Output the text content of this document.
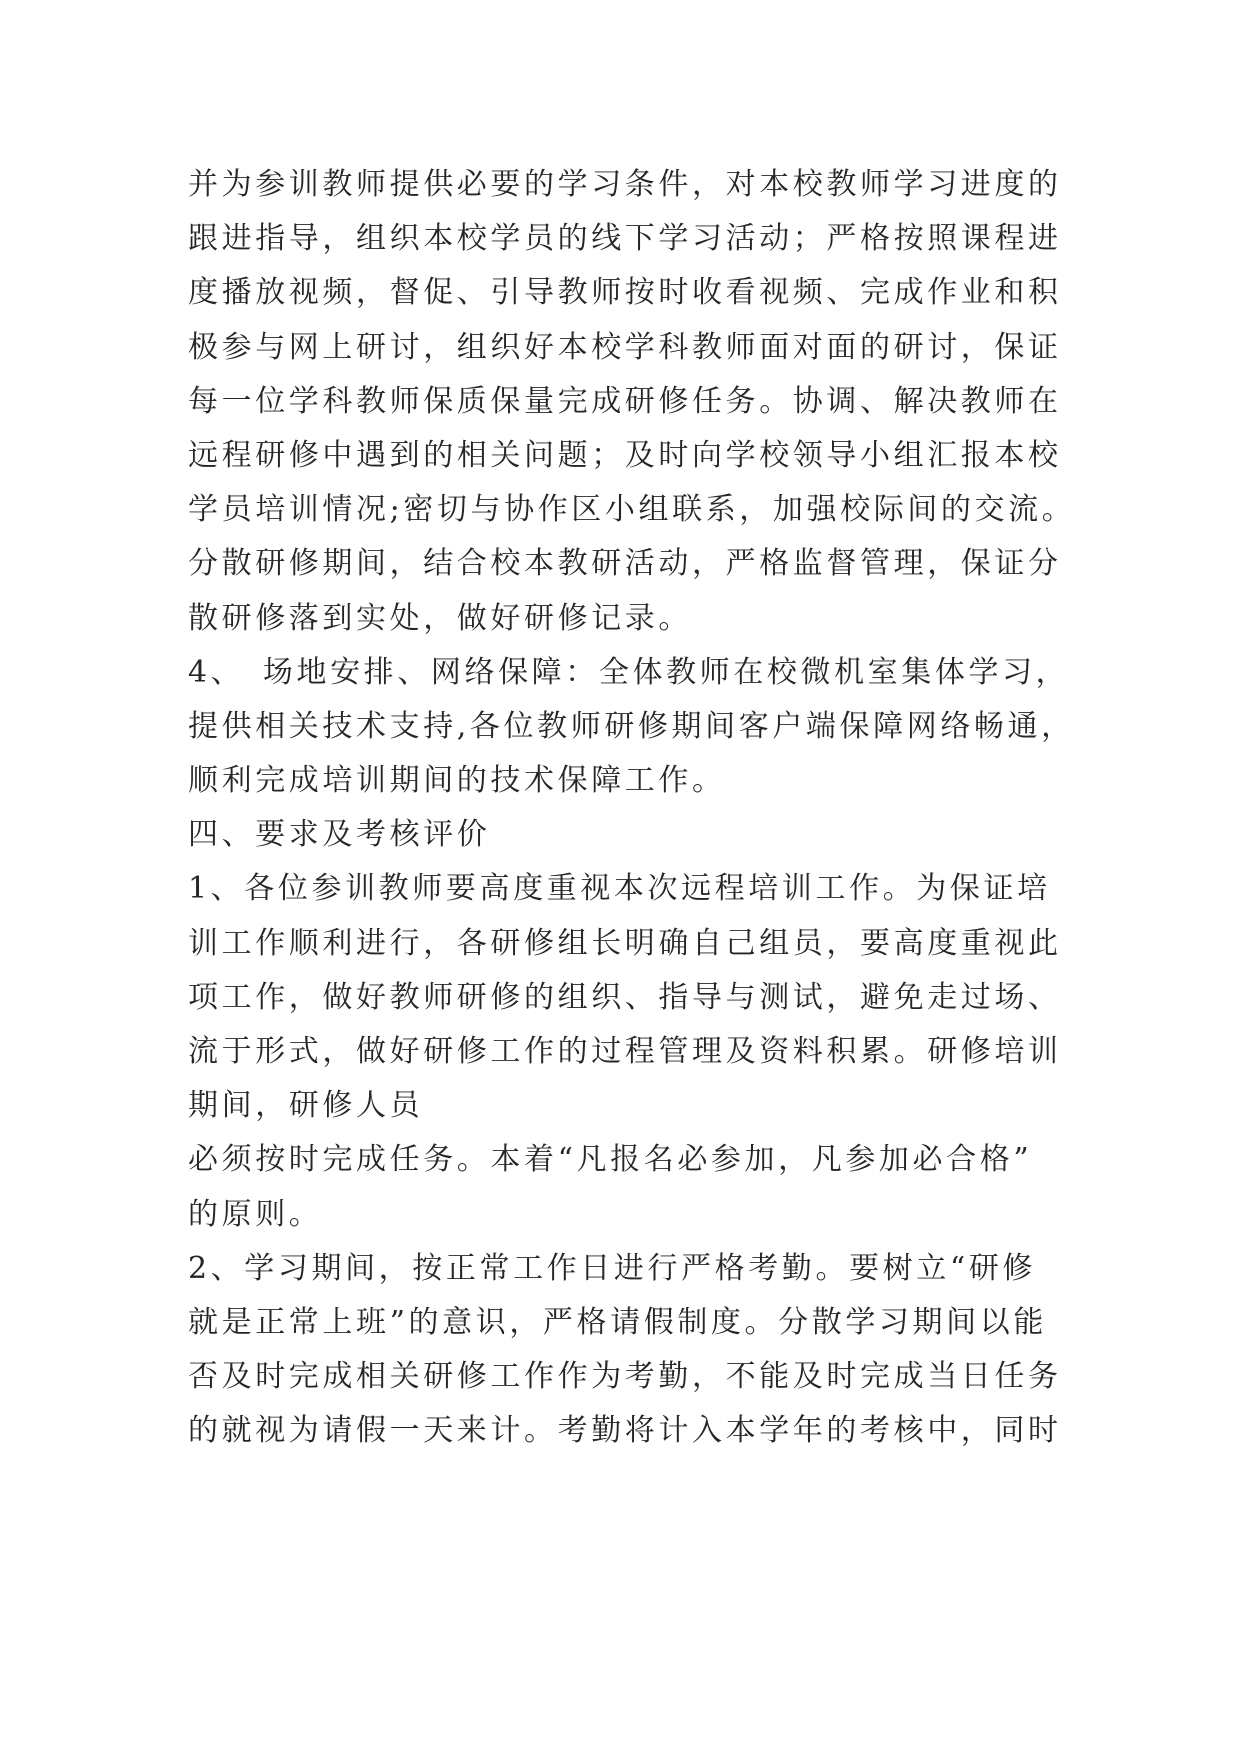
并为参训教师提供必要的学习条件，对本校教师学习进度的
跟进指导，组织本校学员的线下学习活动；严格按照课程进
度播放视频，督促、引导教师按时收看视频、完成作业和积
极参与网上研讨，组织好本校学科教师面对面的研讨，保证
每一位学科教师保质保量完成研修任务。协调、解决教师在
远程研修中遇到的相关问题；及时向学校领导小组汇报本校
学员培训情况;密切与协作区小组联系，加强校际间的交流。
分散研修期间，结合校本教研活动，严格监督管理，保证分
散研修落到实处，做好研修记录。
4、　场地安排、网络保障：全体教师在校微机室集体学习，
提供相关技术支持,各位教师研修期间客户端保障网络畅通，
顺利完成培训期间的技术保障工作。
四、要求及考核评价
1、各位参训教师要高度重视本次远程培训工作。为保证培
训工作顺利进行，各研修组长明确自己组员，要高度重视此
项工作，做好教师研修的组织、指导与测试，避免走过场、
流于形式，做好研修工作的过程管理及资料积累。研修培训
期间，研修人员
必须按时完成任务。本着“凡报名必参加，凡参加必合格”
的原则。
2、学习期间，按正常工作日进行严格考勤。要树立“研修
就是正常上班”的意识，严格请假制度。分散学习期间以能
否及时完成相关研修工作作为考勤，不能及时完成当日任务
的就视为请假一天来计。考勤将计入本学年的考核中，同时
